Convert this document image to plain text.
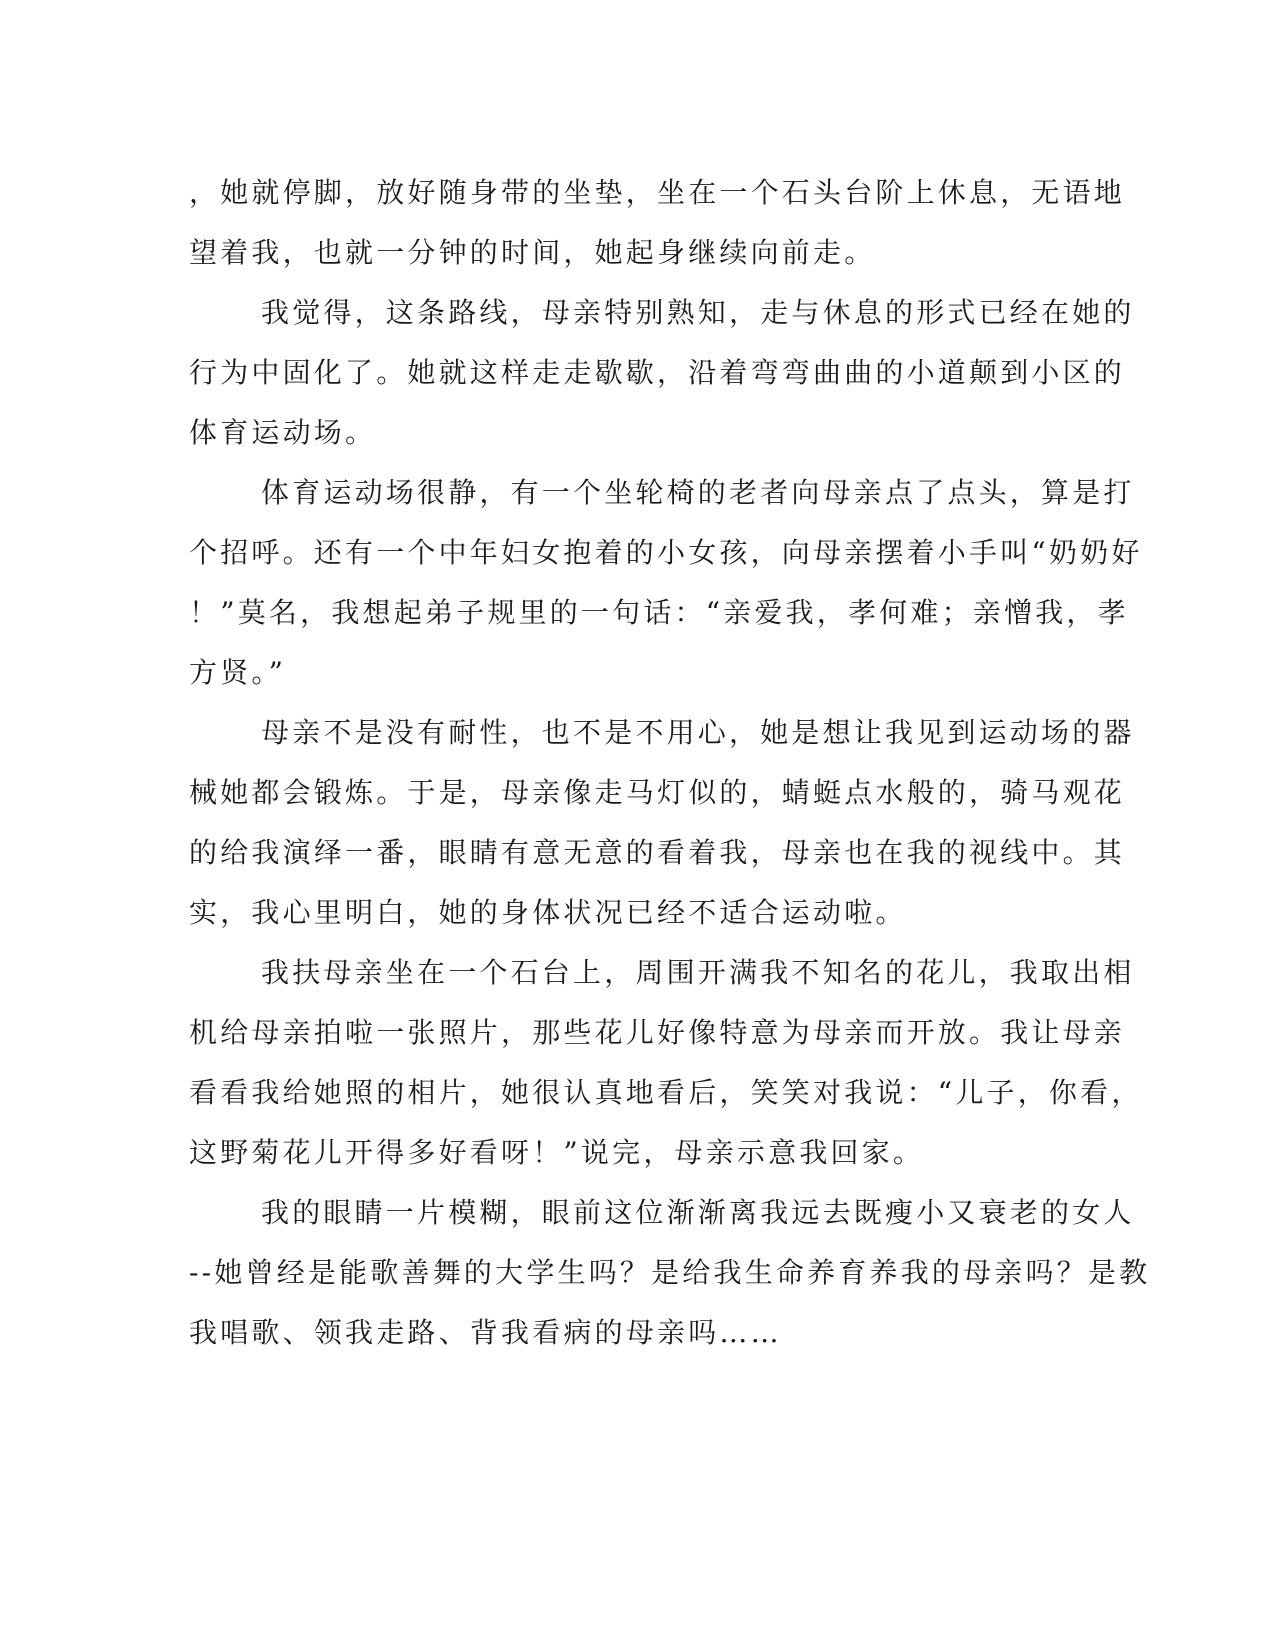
，她就停脚，放好随身带的坐垫，坐在一个石头台阶上休息，无语地
望着我，也就一分钟的时间，她起身继续向前走。
我觉得，这条路线，母亲特别熟知，走与休息的形式已经在她的
行为中固化了。她就这样走走歇歇，沿着弯弯曲曲的小道颠到小区的
体育运动场。
体育运动场很静，有一个坐轮椅的老者向母亲点了点头，算是打
个招呼。还有一个中年妇女抱着的小女孩，向母亲摆着小手叫“奶奶好
！”莫名，我想起弟子规里的一句话：“亲爱我，孝何难；亲憎我，孝
方贤。”
母亲不是没有耐性，也不是不用心，她是想让我见到运动场的器
械她都会锻炼。于是，母亲像走马灯似的，蜻蜓点水般的，骑马观花
的给我演绎一番，眼睛有意无意的看着我，母亲也在我的视线中。其
实，我心里明白，她的身体状况已经不适合运动啦。
我扶母亲坐在一个石台上，周围开满我不知名的花儿，我取出相
机给母亲拍啦一张照片，那些花儿好像特意为母亲而开放。我让母亲
看看我给她照的相片，她很认真地看后，笑笑对我说：“儿子，你看，
这野菊花儿开得多好看呀！”说完，母亲示意我回家。
我的眼睛一片模糊，眼前这位渐渐离我远去既瘦小又衰老的女人
--她曾经是能歌善舞的大学生吗？是给我生命养育养我的母亲吗？是教
我唱歌、领我走路、背我看病的母亲吗……
